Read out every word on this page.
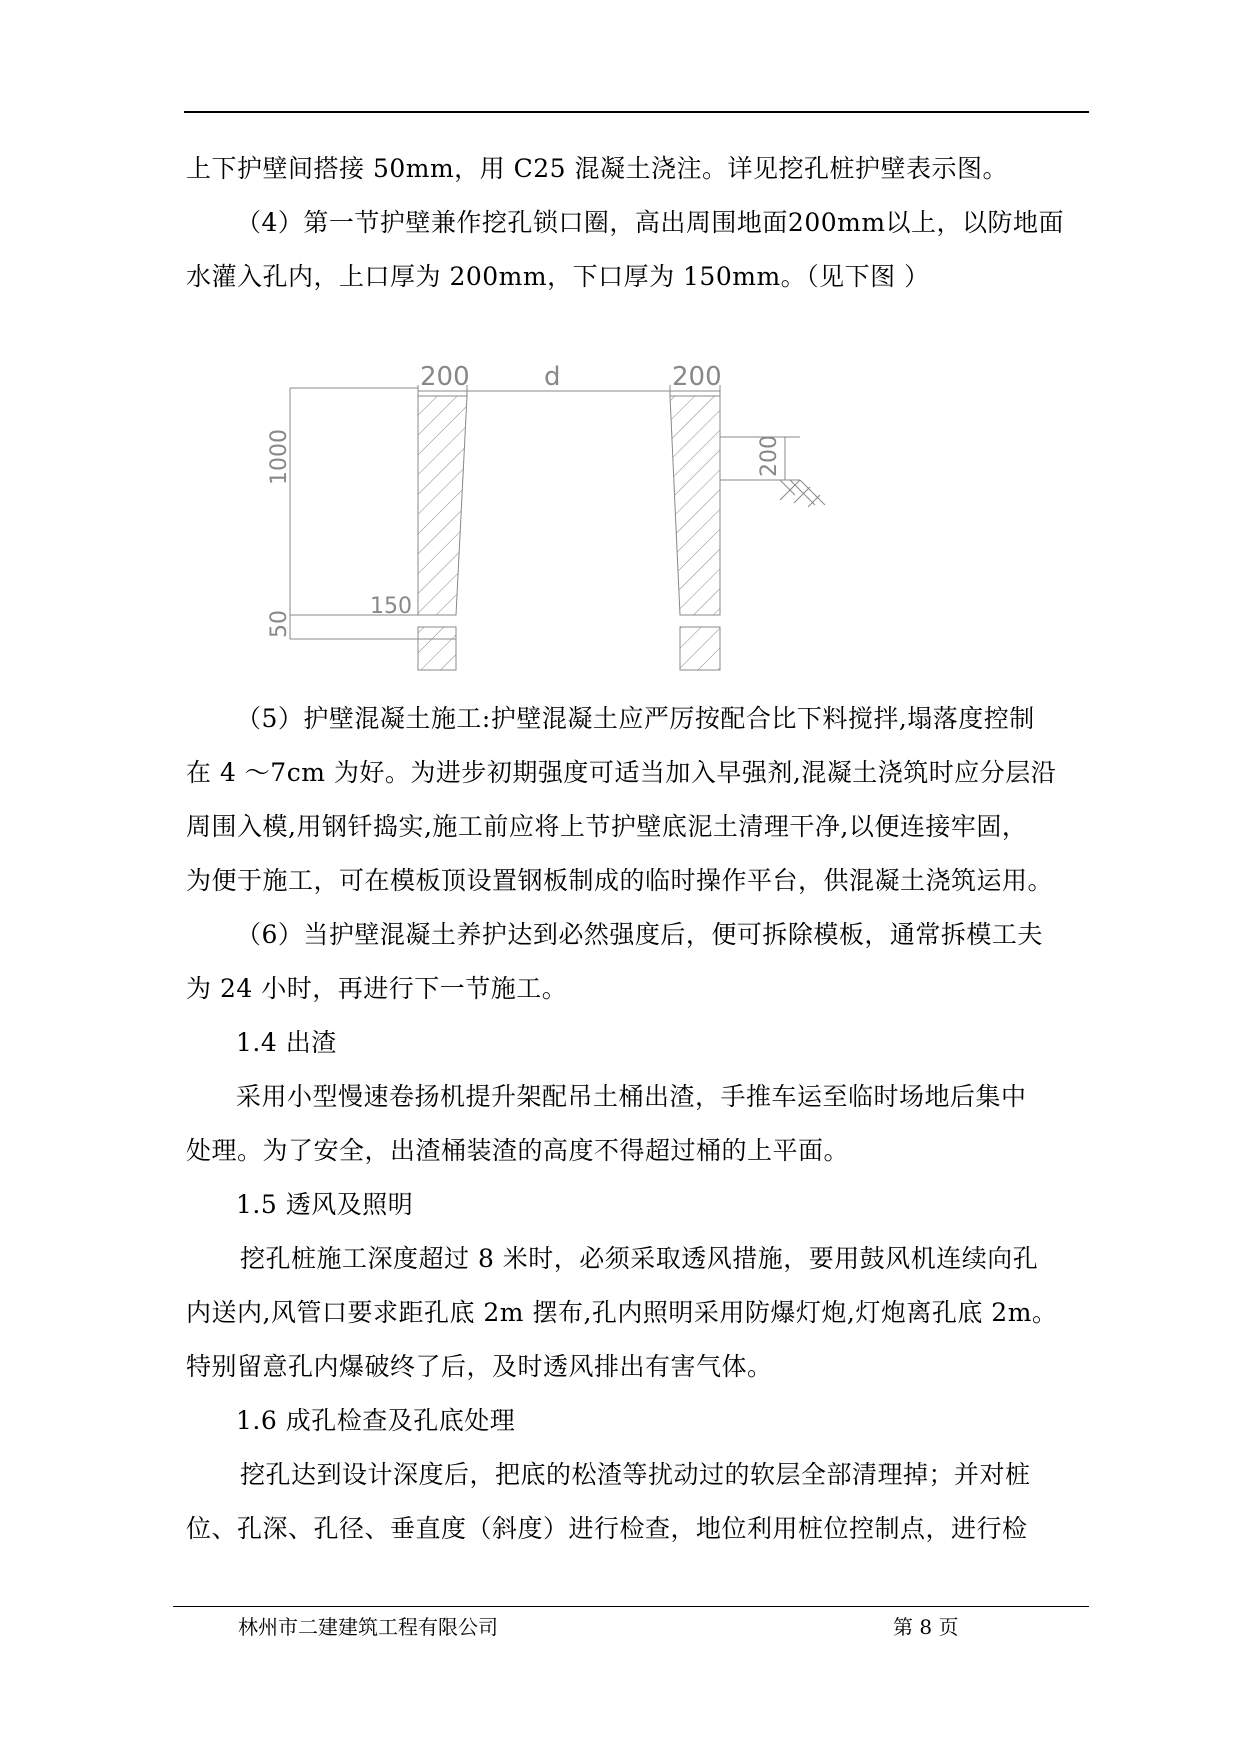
上下护壁间搭接 50mm，用 C25 混凝土浇注。详见挖孔桩护壁表示图。
（4）第一节护壁兼作挖孔锁口圈，高出周围地面200mm以上，以防地面
水灌入孔内，上口厚为 200mm，下口厚为 150mm。（见下图 ）
（5）护壁混凝土施工:护壁混凝土应严厉按配合比下料搅拌,塌落度控制
在 4 ～7cm 为好。为进步初期强度可适当加入早强剂,混凝土浇筑时应分层沿
周围入模,用钢钎捣实,施工前应将上节护壁底泥土清理干净,以便连接牢固，
为便于施工，可在模板顶设置钢板制成的临时操作平台，供混凝土浇筑运用。
（6）当护壁混凝土养护达到必然强度后，便可拆除模板，通常拆模工夫
为 24 小时，再进行下一节施工。
1.4 出渣
采用小型慢速卷扬机提升架配吊土桶出渣，手推车运至临时场地后集中
处理。为了安全，出渣桶装渣的高度不得超过桶的上平面。
1.5 透风及照明
挖孔桩施工深度超过 8 米时，必须采取透风措施，要用鼓风机连续向孔
内送内,风管口要求距孔底 2m 摆布,孔内照明采用防爆灯炮,灯炮离孔底 2m。
特别留意孔内爆破终了后，及时透风排出有害气体。
1.6 成孔检查及孔底处理
挖孔达到设计深度后，把底的松渣等扰动过的软层全部清理掉；并对桩
位、孔深、孔径、垂直度（斜度）进行检查，地位利用桩位控制点，进行检
200	d	200
200
1000
150
50
林州市二建建筑工程有限公司	第 8 页
